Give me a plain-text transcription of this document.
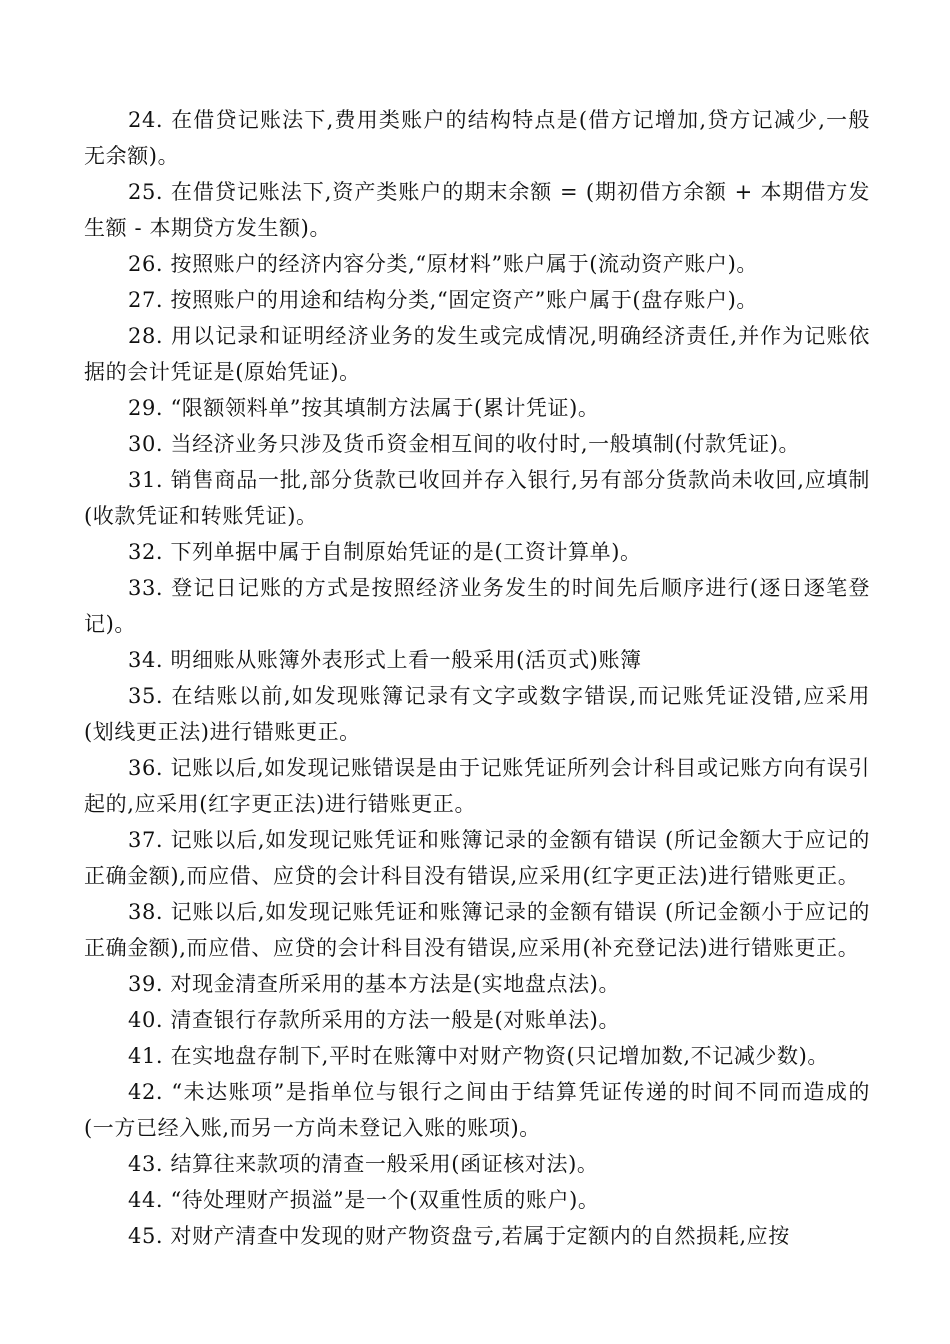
24. 在借贷记账法下,费用类账户的结构特点是(借方记增加,贷方记减少,一般无余额)。

25. 在借贷记账法下,资产类账户的期末余额 = (期初借方余额 + 本期借方发生额 - 本期贷方发生额)。

26. 按照账户的经济内容分类,“原材料”账户属于(流动资产账户)。

27. 按照账户的用途和结构分类,“固定资产”账户属于(盘存账户)。

28. 用以记录和证明经济业务的发生或完成情况,明确经济责任,并作为记账依据的会计凭证是(原始凭证)。

29. “限额领料单”按其填制方法属于(累计凭证)。

30. 当经济业务只涉及货币资金相互间的收付时,一般填制(付款凭证)。

31. 销售商品一批,部分货款已收回并存入银行,另有部分货款尚未收回,应填制(收款凭证和转账凭证)。

32. 下列单据中属于自制原始凭证的是(工资计算单)。

33. 登记日记账的方式是按照经济业务发生的时间先后顺序进行(逐日逐笔登记)。

34. 明细账从账簿外表形式上看一般采用(活页式)账簿

35. 在结账以前,如发现账簿记录有文字或数字错误,而记账凭证没错,应采用(划线更正法)进行错账更正。

36. 记账以后,如发现记账错误是由于记账凭证所列会计科目或记账方向有误引起的,应采用(红字更正法)进行错账更正。

37. 记账以后,如发现记账凭证和账簿记录的金额有错误 (所记金额大于应记的正确金额),而应借、应贷的会计科目没有错误,应采用(红字更正法)进行错账更正。

38. 记账以后,如发现记账凭证和账簿记录的金额有错误 (所记金额小于应记的正确金额),而应借、应贷的会计科目没有错误,应采用(补充登记法)进行错账更正。

39. 对现金清查所采用的基本方法是(实地盘点法)。

40. 清查银行存款所采用的方法一般是(对账单法)。

41. 在实地盘存制下,平时在账簿中对财产物资(只记增加数,不记减少数)。

42. “未达账项”是指单位与银行之间由于结算凭证传递的时间不同而造成的(一方已经入账,而另一方尚未登记入账的账项)。

43. 结算往来款项的清查一般采用(函证核对法)。

44. “待处理财产损溢”是一个(双重性质的账户)。

45. 对财产清查中发现的财产物资盘亏,若属于定额内的自然损耗,应按
